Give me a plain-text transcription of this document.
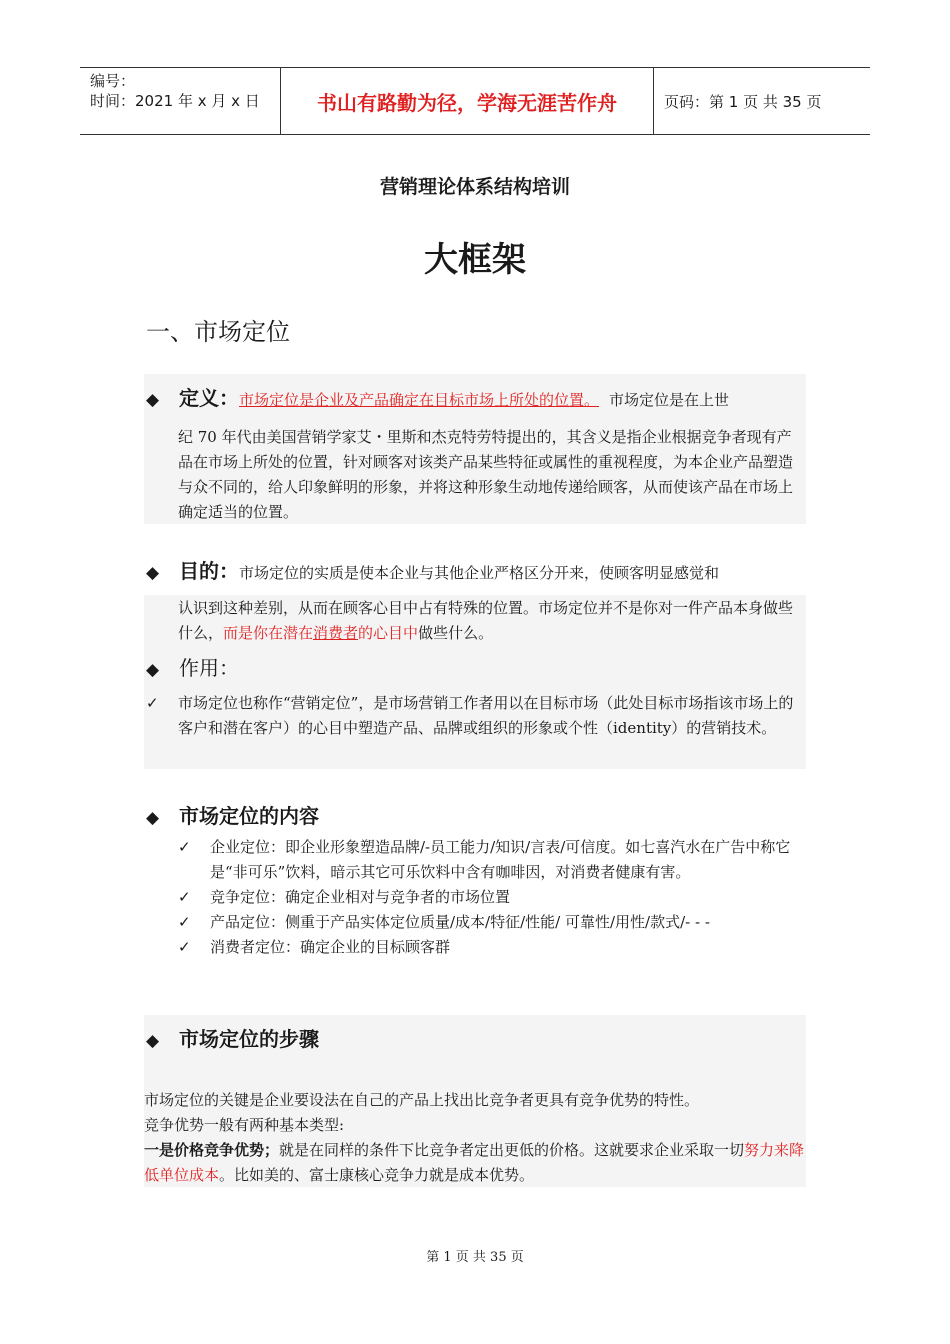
编号：
时间：2021 年 x 月 x 日	书山有路勤为径，学海无涯苦作舟	页码：第 1 页 共 35 页
营销理论体系结构培训
大框架
一、市场定位
◆ 定义： 市场定位是企业及产品确定在目标市场上所处的位置。 市场定位是在上世
纪 70 年代由美国营销学家艾・里斯和杰克特劳特提出的，其含义是指企业根据竞争者现有产品在市场上所处的位置，针对顾客对该类产品某些特征或属性的重视程度，为本企业产品塑造与众不同的，给人印象鲜明的形象，并将这种形象生动地传递给顾客，从而使该产品在市场上确定适当的位置。
◆ 目的： 市场定位的实质是使本企业与其他企业严格区分开来，使顾客明显感觉和
认识到这种差别，从而在顾客心目中占有特殊的位置。市场定位并不是你对一件产品本身做些什么，而是你在潜在消费者的心目中做些什么。
◆ 作用：
✓	市场定位也称作“营销定位”，是市场营销工作者用以在目标市场（此处目标市场指该市场上的客户和潜在客户）的心目中塑造产品、品牌或组织的形象或个性（identity）的营销技术。
◆ 市场定位的内容
✓	企业定位：即企业形象塑造品牌/-员工能力/知识/言表/可信度。如七喜汽水在广告中称它是“非可乐”饮料，暗示其它可乐饮料中含有咖啡因，对消费者健康有害。
✓	竞争定位：确定企业相对与竞争者的市场位置
✓	产品定位：侧重于产品实体定位质量/成本/特征/性能/ 可靠性/用性/款式/- - -
✓	消费者定位：确定企业的目标顾客群
◆ 市场定位的步骤
市场定位的关键是企业要设法在自己的产品上找出比竞争者更具有竞争优势的特性。
竞争优势一般有两种基本类型:
一是价格竞争优势；就是在同样的条件下比竞争者定出更低的价格。这就要求企业采取一切努力来降低单位成本。比如美的、富士康核心竞争力就是成本优势。
第 1 页 共 35 页
